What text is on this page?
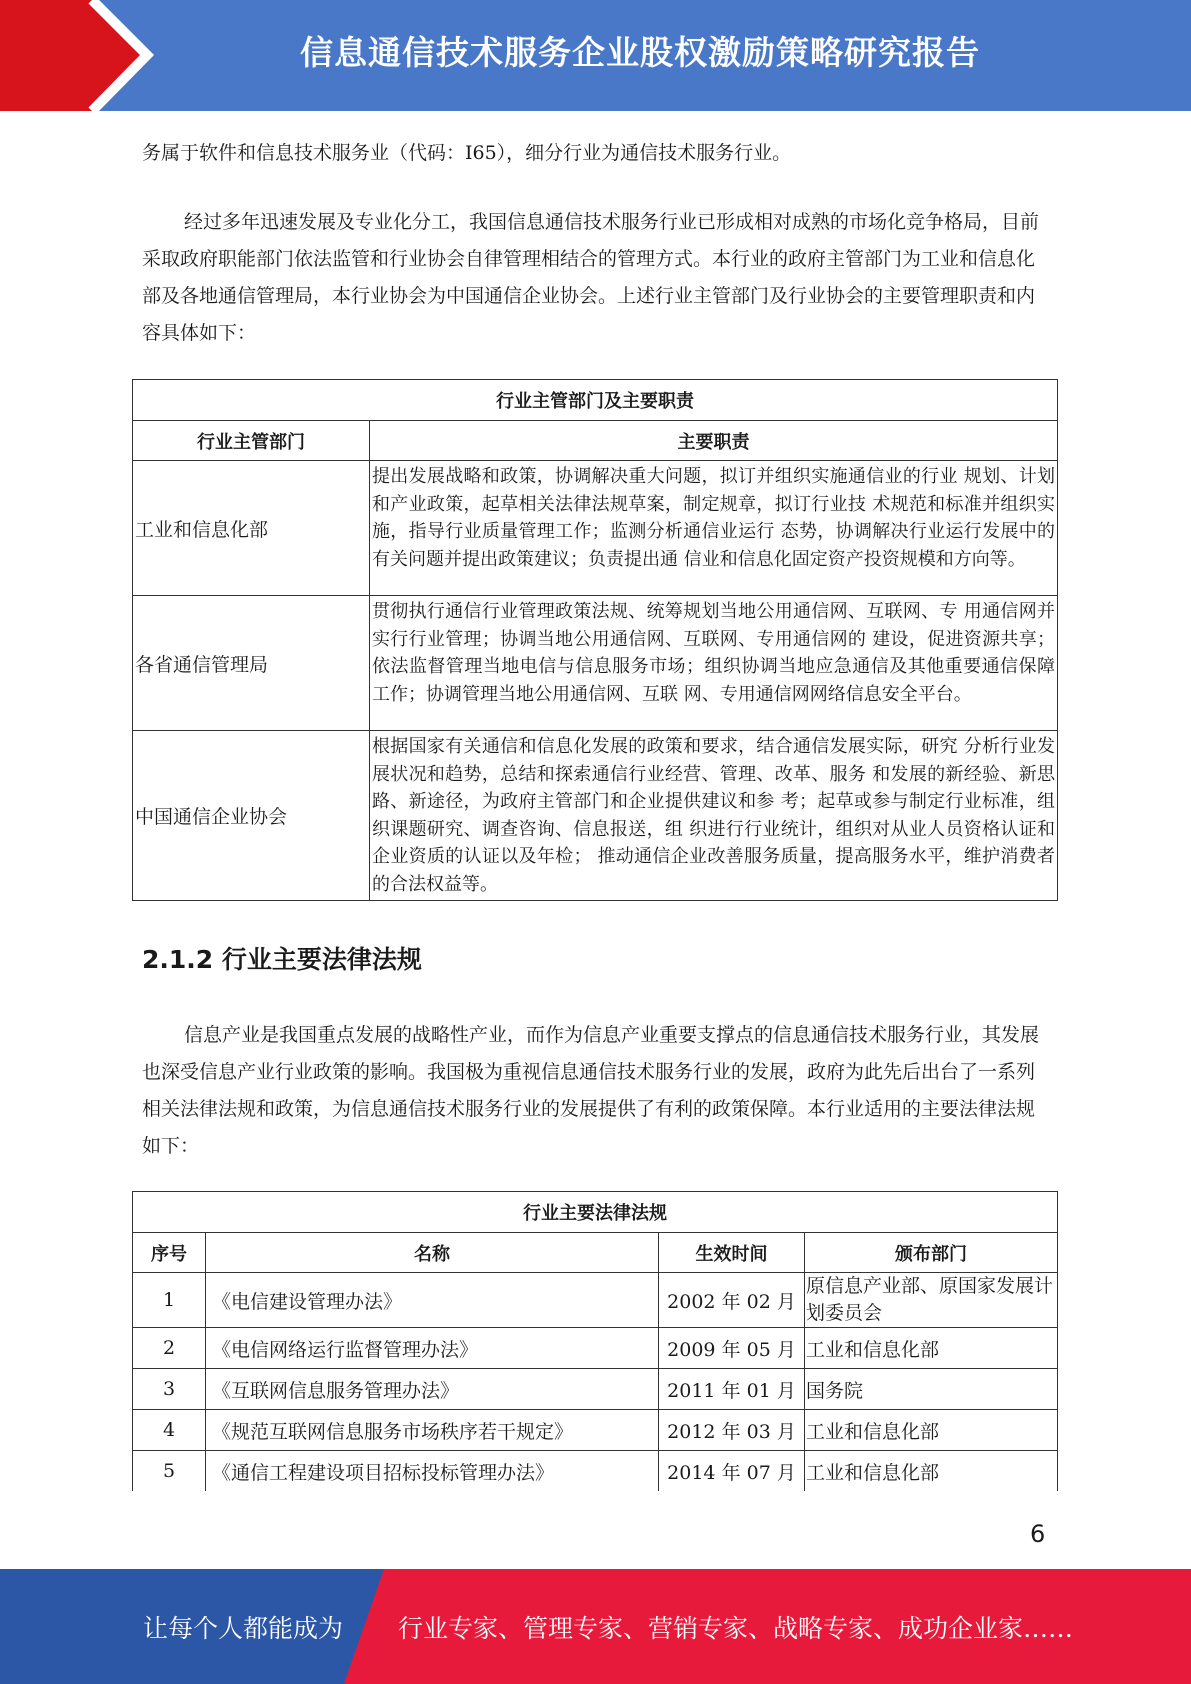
信息通信技术服务企业股权激励策略研究报告

务属于软件和信息技术服务业（代码：I65），细分行业为通信技术服务行业。

经过多年迅速发展及专业化分工，我国信息通信技术服务行业已形成相对成熟的市场化竞争格局，目前采取政府职能部门依法监管和行业协会自律管理相结合的管理方式。本行业的政府主管部门为工业和信息化部及各地通信管理局，本行业协会为中国通信企业协会。上述行业主管部门及行业协会的主要管理职责和内容具体如下：

行业主管部门及主要职责	
行业主管部门	主要职责
工业和信息化部	提出发展战略和政策，协调解决重大问题，拟订并组织实施通信业的行业 规划、计划和产业政策，起草相关法律法规草案，制定规章，拟订行业技 术规范和标准并组织实施，指导行业质量管理工作；监测分析通信业运行 态势，协调解决行业运行发展中的有关问题并提出政策建议；负责提出通 信业和信息化固定资产投资规模和方向等。
各省通信管理局	贯彻执行通信行业管理政策法规、统筹规划当地公用通信网、互联网、专 用通信网并实行行业管理；协调当地公用通信网、互联网、专用通信网的 建设，促进资源共享；依法监督管理当地电信与信息服务市场；组织协调当地应急通信及其他重要通信保障工作；协调管理当地公用通信网、互联 网、专用通信网网络信息安全平台。
中国通信企业协会	根据国家有关通信和信息化发展的政策和要求，结合通信发展实际，研究 分析行业发展状况和趋势，总结和探索通信行业经营、管理、改革、服务 和发展的新经验、新思路、新途径，为政府主管部门和企业提供建议和参 考；起草或参与制定行业标准，组织课题研究、调查咨询、信息报送，组 织进行行业统计，组织对从业人员资格认证和企业资质的认证以及年检； 推动通信企业改善服务质量，提高服务水平，维护消费者的合法权益等。
2.1.2 行业主要法律法规

信息产业是我国重点发展的战略性产业，而作为信息产业重要支撑点的信息通信技术服务行业，其发展也深受信息产业行业政策的影响。我国极为重视信息通信技术服务行业的发展，政府为此先后出台了一系列相关法律法规和政策，为信息通信技术服务行业的发展提供了有利的政策保障。本行业适用的主要法律法规如下：

行业主要法律法规			
序号	名称	生效时间	颁布部门
1	《电信建设管理办法》	2002 年 02 月	原信息产业部、原国家发展计划委员会
2	《电信网络运行监督管理办法》	2009 年 05 月	工业和信息化部
3	《互联网信息服务管理办法》	2011 年 01 月	国务院
4	《规范互联网信息服务市场秩序若干规定》	2012 年 03 月	工业和信息化部
5	《通信工程建设项目招标投标管理办法》	2014 年 07 月	工业和信息化部
6
让每个人都能成为 行业专家、管理专家、营销专家、战略专家、成功企业家……
